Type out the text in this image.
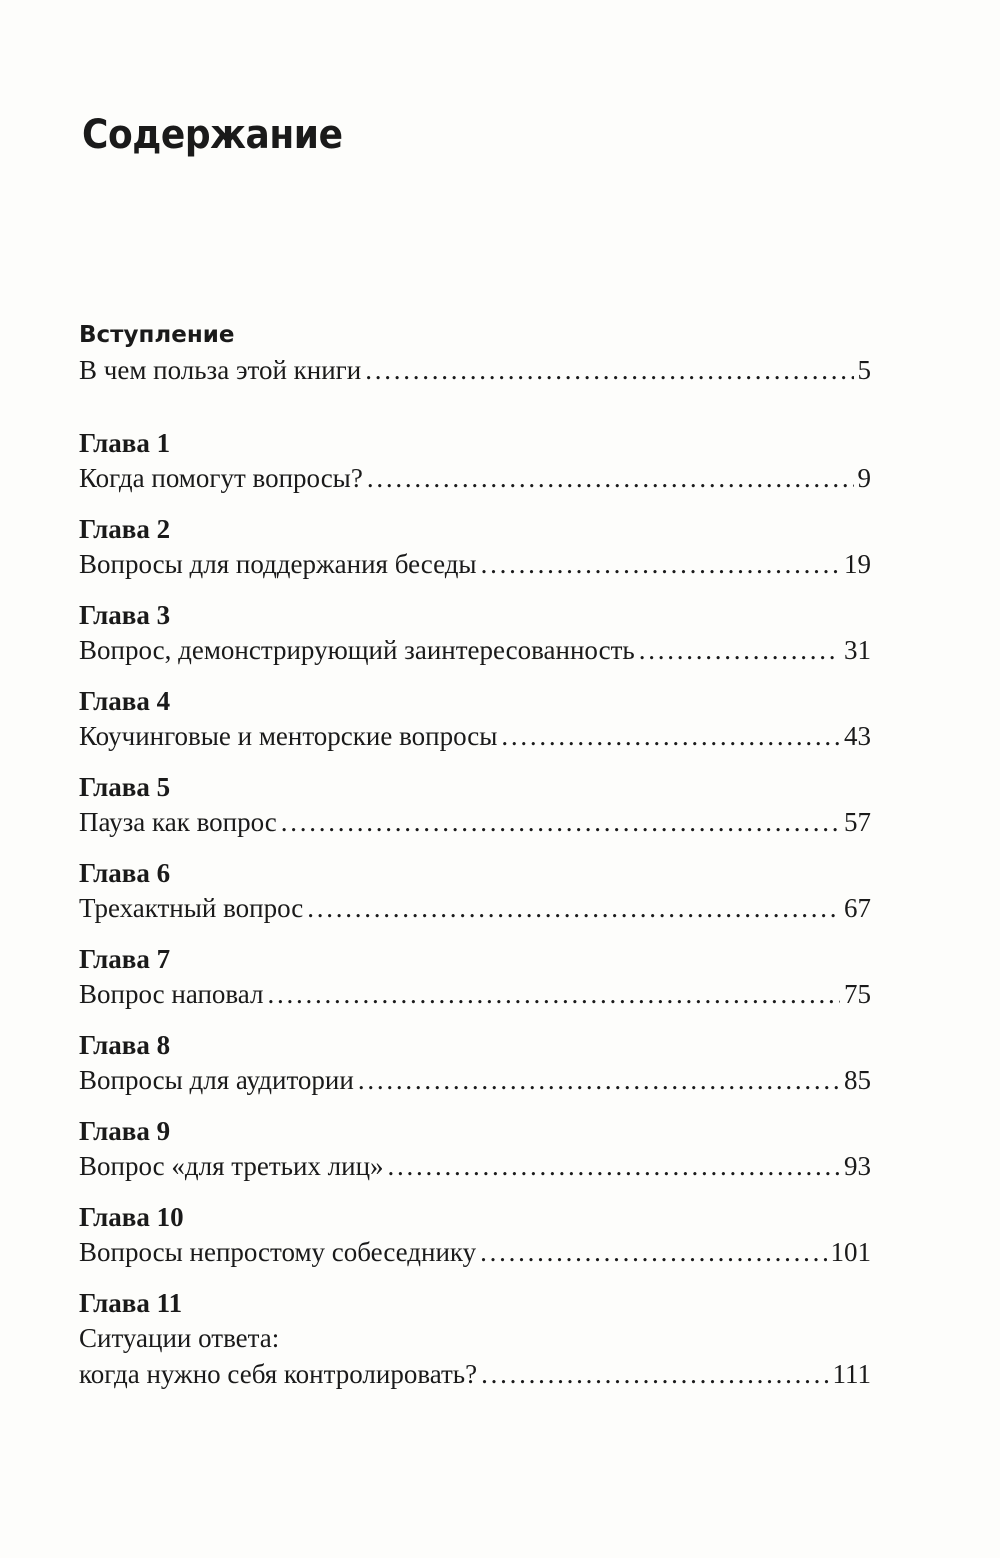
Содержание
Вступление
В чем польза этой книги . . .	5
Глава 1
Когда помогут вопросы? . . .	9
Глава 2
Вопросы для поддержания беседы . . .	19
Глава 3
Вопрос, демонстрирующий заинтересованность . . .	31
Глава 4
Коучинговые и менторские вопросы . . .	43
Глава 5
Пауза как вопрос . . .	57
Глава 6
Трехактный вопрос . . .	67
Глава 7
Вопрос наповал . . .	75
Глава 8
Вопросы для аудитории . . .	85
Глава 9
Вопрос «для третьих лиц» . . .	93
Глава 10
Вопросы непростому собеседнику . . .	101
Глава 11
Ситуации ответа:
когда нужно себя контролировать? . . .	111
